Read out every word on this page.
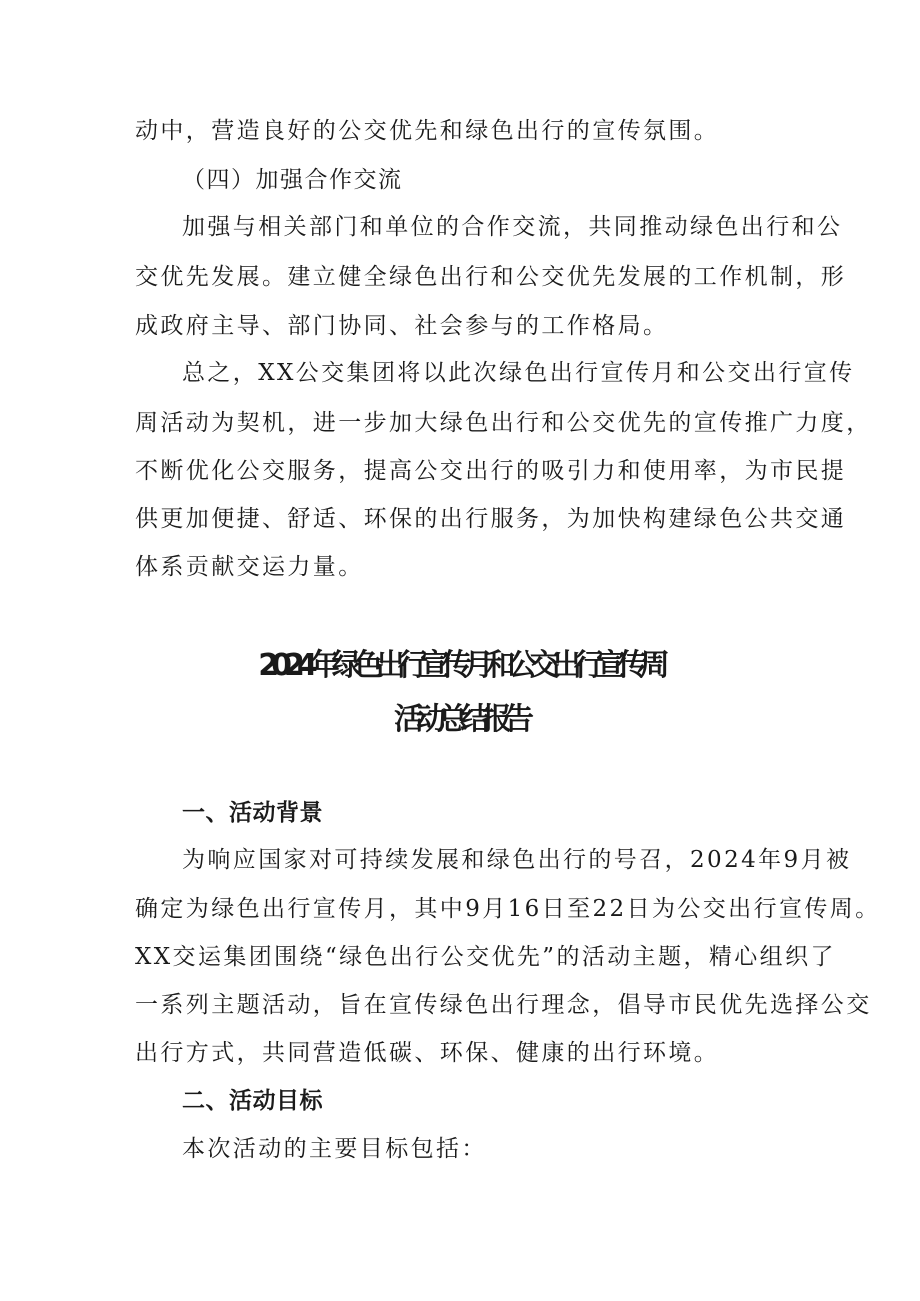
动中，营造良好的公交优先和绿色出行的宣传氛围。

（四）加强合作交流

加强与相关部门和单位的合作交流，共同推动绿色出行和公

交优先发展。建立健全绿色出行和公交优先发展的工作机制，形

成政府主导、部门协同、社会参与的工作格局。

总之，XX公交集团将以此次绿色出行宣传月和公交出行宣传

周活动为契机，进一步加大绿色出行和公交优先的宣传推广力度，

不断优化公交服务，提高公交出行的吸引力和使用率，为市民提

供更加便捷、舒适、环保的出行服务，为加快构建绿色公共交通

体系贡献交运力量。

2024年绿色出行宣传月和公交出行宣传周
活动总结报告
一、活动背景

为响应国家对可持续发展和绿色出行的号召，2024年9月被

确定为绿色出行宣传月，其中9月16日至22日为公交出行宣传周。

XX交运集团围绕“绿色出行公交优先”的活动主题，精心组织了

一系列主题活动，旨在宣传绿色出行理念，倡导市民优先选择公交

出行方式，共同营造低碳、环保、健康的出行环境。

二、活动目标

本次活动的主要目标包括：
